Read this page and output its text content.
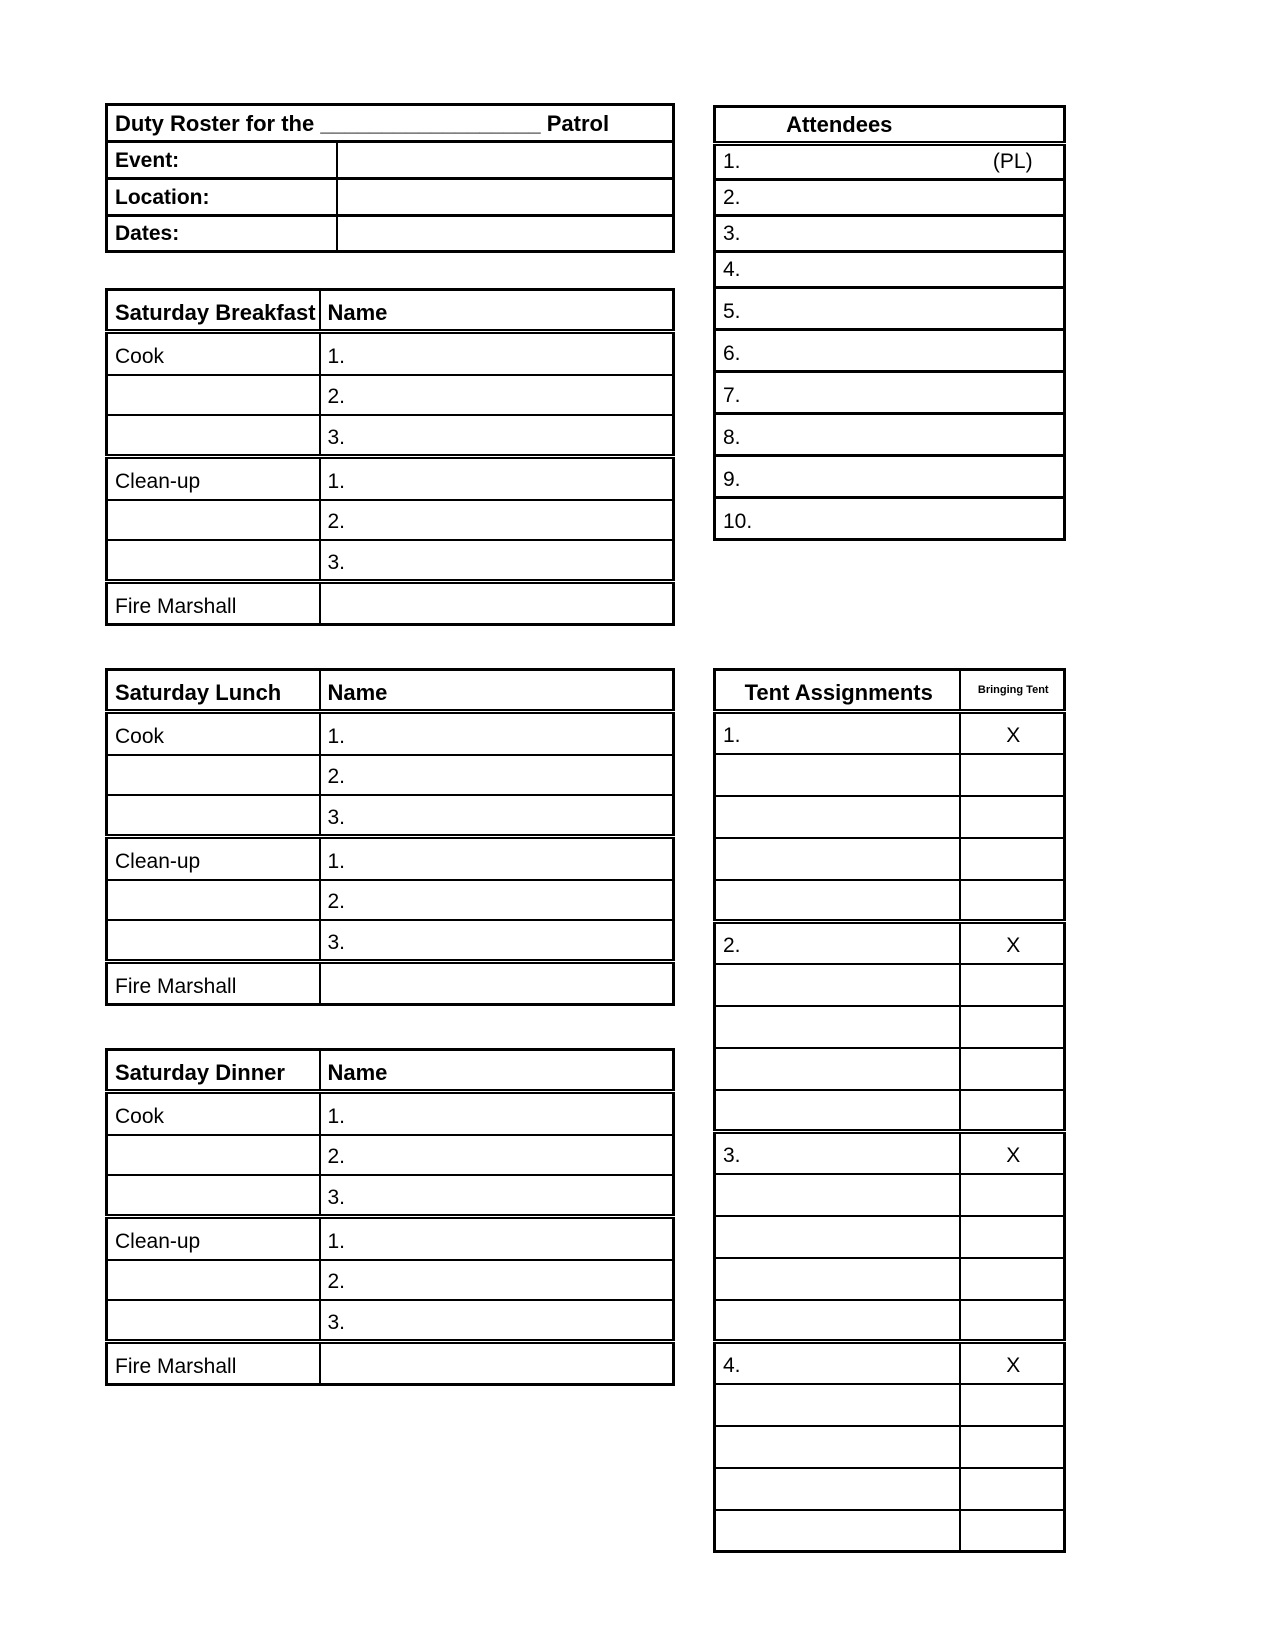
Duty Roster for the __________________ Patrol	
Event:	
Location:	
Dates:	
Attendees	
1.	(PL)
2.	
3.	
4.	
5.	
6.	
7.	
8.	
9.	
10.	
Saturday Breakfast	Name
Cook	1.
	2.
	3.
Clean-up	1.
	2.
	3.
Fire Marshall	
Saturday Lunch	Name
Cook	1.
	2.
	3.
Clean-up	1.
	2.
	3.
Fire Marshall	
Saturday Dinner	Name
Cook	1.
	2.
	3.
Clean-up	1.
	2.
	3.
Fire Marshall	
Tent Assignments	Bringing Tent
1.	X

2.	X

3.	X

4.	X
